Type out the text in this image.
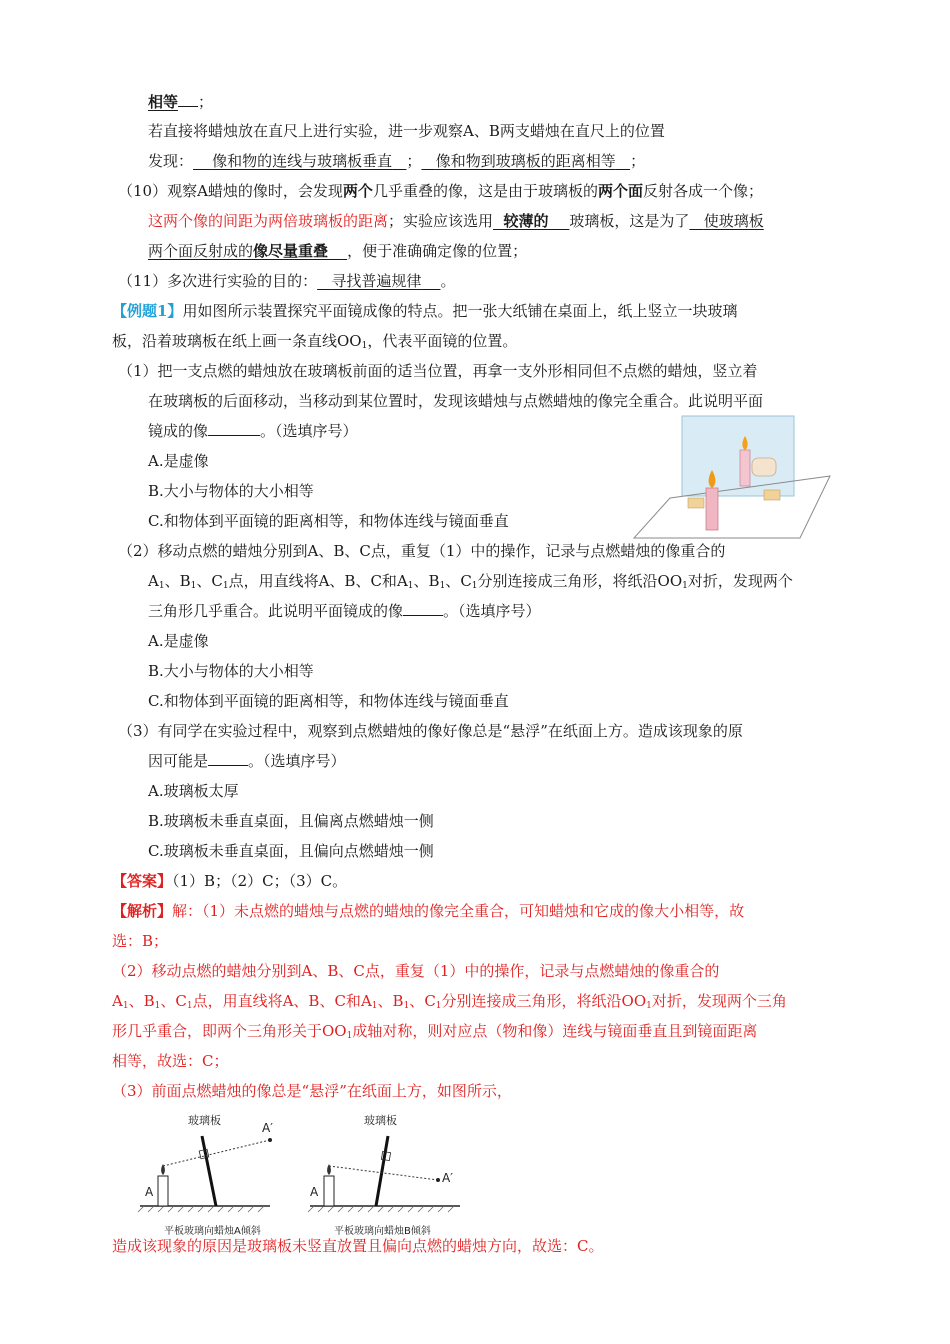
相等 ；
若直接将蜡烛放在直尺上进行实验，进一步观察A、B两支蜡烛在直尺上的位置
发现： 像和物的连线与玻璃板垂直 ； 像和物到玻璃板的距离相等 ；
（10）观察A蜡烛的像时，会发现两个几乎重叠的像，这是由于玻璃板的两个面反射各成一个像；
这两个像的间距为两倍玻璃板的距离；实验应该选用 较薄的 玻璃板，这是为了 使玻璃板
两个面反射成的像尽量重叠 ，便于准确确定像的位置；
（11）多次进行实验的目的： 寻找普遍规律 。
【例题1】用如图所示装置探究平面镜成像的特点。把一张大纸铺在桌面上，纸上竖立一块玻璃
板，沿着玻璃板在纸上画一条直线$OO_1$，代表平面镜的位置。
（1）把一支点燃的蜡烛放在玻璃板前面的适当位置，再拿一支外形相同但不点燃的蜡烛，竖立着
在玻璃板的后面移动，当移动到某位置时，发现该蜡烛与点燃蜡烛的像完全重合。此说明平面
镜成的像	。（选填序号）
A.是虚像
B.大小与物体的大小相等
C.和物体到平面镜的距离相等，和物体连线与镜面垂直
（2）移动点燃的蜡烛分别到A、B、C点，重复（1）中的操作，记录与点燃蜡烛的像重合的
$A_1$、$B_1$、$C_1$点，用直线将A、B、C和$A_1$、$B_1$、$C_1$分别连接成三角形，将纸沿$OO_1$对折，发现两个
三角形几乎重合。此说明平面镜成的像	。（选填序号）
A.是虚像
B.大小与物体的大小相等
C.和物体到平面镜的距离相等，和物体连线与镜面垂直
（3）有同学在实验过程中，观察到点燃蜡烛的像好像总是“悬浮”在纸面上方。造成该现象的原
因可能是	。（选填序号）
A.玻璃板太厚
B.玻璃板未垂直桌面，且偏离点燃蜡烛一侧
C.玻璃板未垂直桌面，且偏向点燃蜡烛一侧
【答案】（1）B；（2）C；（3）C。
【解析】解：（1）未点燃的蜡烛与点燃的蜡烛的像完全重合，可知蜡烛和它成的像大小相等，故
选：B；
（2）移动点燃的蜡烛分别到A、B、C点，重复（1）中的操作，记录与点燃蜡烛的像重合的
$A_1$、$B_1$、$C_1$点，用直线将A、B、C和$A_1$、$B_1$、$C_1$分别连接成三角形，将纸沿$OO_1$对折，发现两个三角
形几乎重合，即两个三角形关于$OO_1$成轴对称，则对应点（物和像）连线与镜面垂直且到镜面距离
相等，故选：C；
（3）前面点燃蜡烛的像总是“悬浮”在纸面上方，如图所示，
玻璃板
A
A′
平板玻璃向蜡烛A倾斜
玻璃板
A
A′
平板玻璃向蜡烛B倾斜
造成该现象的原因是玻璃板未竖直放置且偏向点燃的蜡烛方向，故选：C。
